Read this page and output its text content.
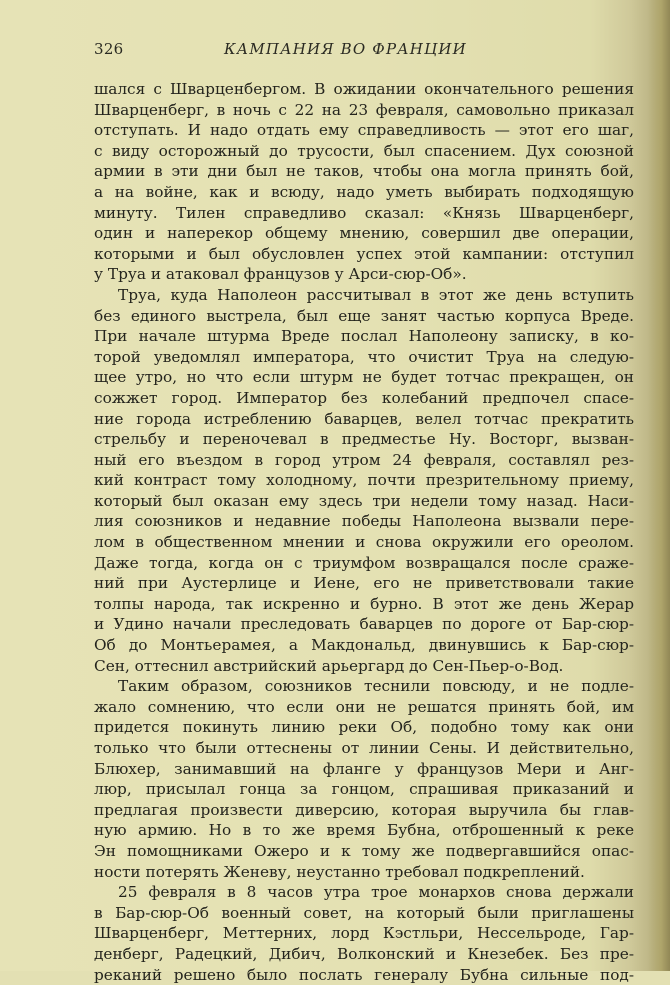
326	КАМПАНИЯ ВО ФРАНЦИИ
шался с Шварценбергом. В ожидании окончательного решения
Шварценберг, в ночь с 22 на 23 февраля, самовольно приказал
отступать. И надо отдать ему справедливость — этот его шаг,
с виду осторожный до трусости, был спасением. Дух союзной
армии в эти дни был не таков, чтобы она могла принять бой,
а на войне, как и всюду, надо уметь выбирать подходящую
минуту. Тилен справедливо сказал: «Князь Шварценберг,
один и наперекор общему мнению, совершил две операции,
которыми и был обусловлен успех этой кампании: отступил
у Труа и атаковал французов у Арси-сюр-Об».
Труа, куда Наполеон рассчитывал в этот же день вступить
без единого выстрела, был еще занят частью корпуса Вреде.
При начале штурма Вреде послал Наполеону записку, в ко-
торой уведомлял императора, что очистит Труа на следую-
щее утро, но что если штурм не будет тотчас прекращен, он
сожжет город. Император без колебаний предпочел спасе-
ние города истреблению баварцев, велел тотчас прекратить
стрельбу и переночевал в предместье Ну. Восторг, вызван-
ный его въездом в город утром 24 февраля, составлял рез-
кий контраст тому холодному, почти презрительному приему,
который был оказан ему здесь три недели тому назад. Наси-
лия союзников и недавние победы Наполеона вызвали пере-
лом в общественном мнении и снова окружили его ореолом.
Даже тогда, когда он с триумфом возвращался после сраже-
ний при Аустерлице и Иене, его не приветствовали такие
толпы народа, так искренно и бурно. В этот же день Жерар
и Удино начали преследовать баварцев по дороге от Бар-сюр-
Об до Монтьерамея, а Макдональд, двинувшись к Бар-сюр-
Сен, оттеснил австрийский арьергард до Сен-Пьер-о-Вод.
Таким образом, союзников теснили повсюду, и не подле-
жало сомнению, что если они не решатся принять бой, им
придется покинуть линию реки Об, подобно тому как они
только что были оттеснены от линии Сены. И действительно,
Блюхер, занимавший на фланге у французов Мери и Анг-
люр, присылал гонца за гонцом, спрашивая приказаний и
предлагая произвести диверсию, которая выручила бы глав-
ную армию. Но в то же время Бубна, отброшенный к реке
Эн помощниками Ожеро и к тому же подвергавшийся опас-
ности потерять Женеву, неустанно требовал подкреплений.
25 февраля в 8 часов утра трое монархов снова держали
в Бар-сюр-Об военный совет, на который были приглашены
Шварценберг, Меттерних, лорд Кэстльри, Нессельроде, Гар-
денберг, Радецкий, Дибич, Волконский и Кнезебек. Без пре-
реканий решено было послать генералу Бубна сильные под-
